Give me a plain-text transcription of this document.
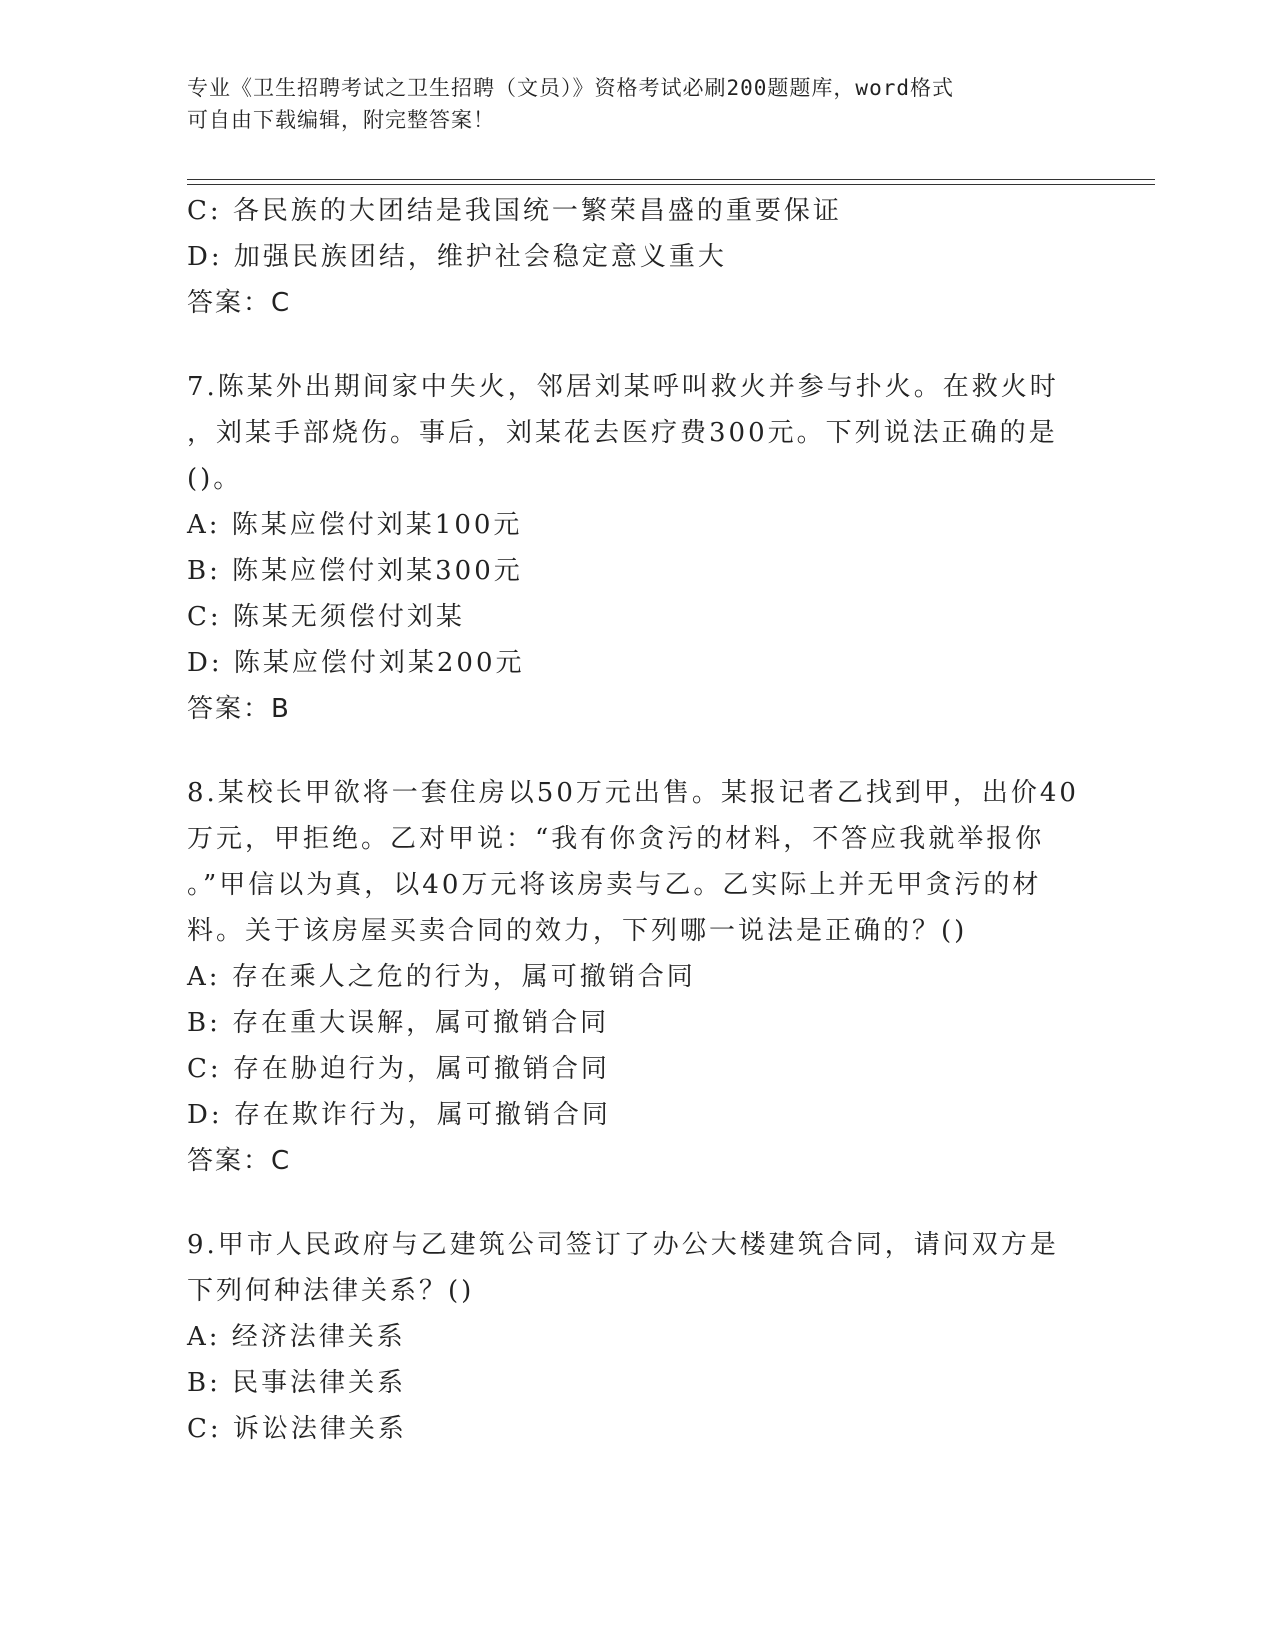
专业《卫生招聘考试之卫生招聘（文员）》资格考试必刷200题题库，word格式
可自由下载编辑，附完整答案！
C: 各民族的大团结是我国统一繁荣昌盛的重要保证
D: 加强民族团结，维护社会稳定意义重大
答案：C
7.陈某外出期间家中失火，邻居刘某呼叫救火并参与扑火。在救火时
，刘某手部烧伤。事后，刘某花去医疗费300元。下列说法正确的是
()。
A: 陈某应偿付刘某100元
B: 陈某应偿付刘某300元
C: 陈某无须偿付刘某
D: 陈某应偿付刘某200元
答案：B
8.某校长甲欲将一套住房以50万元出售。某报记者乙找到甲，出价40
万元，甲拒绝。乙对甲说：“我有你贪污的材料，不答应我就举报你
。”甲信以为真，以40万元将该房卖与乙。乙实际上并无甲贪污的材
料。关于该房屋买卖合同的效力，下列哪一说法是正确的？()
A: 存在乘人之危的行为，属可撤销合同
B: 存在重大误解，属可撤销合同
C: 存在胁迫行为，属可撤销合同
D: 存在欺诈行为，属可撤销合同
答案：C
9.甲市人民政府与乙建筑公司签订了办公大楼建筑合同，请问双方是
下列何种法律关系？()
A: 经济法律关系
B: 民事法律关系
C: 诉讼法律关系
